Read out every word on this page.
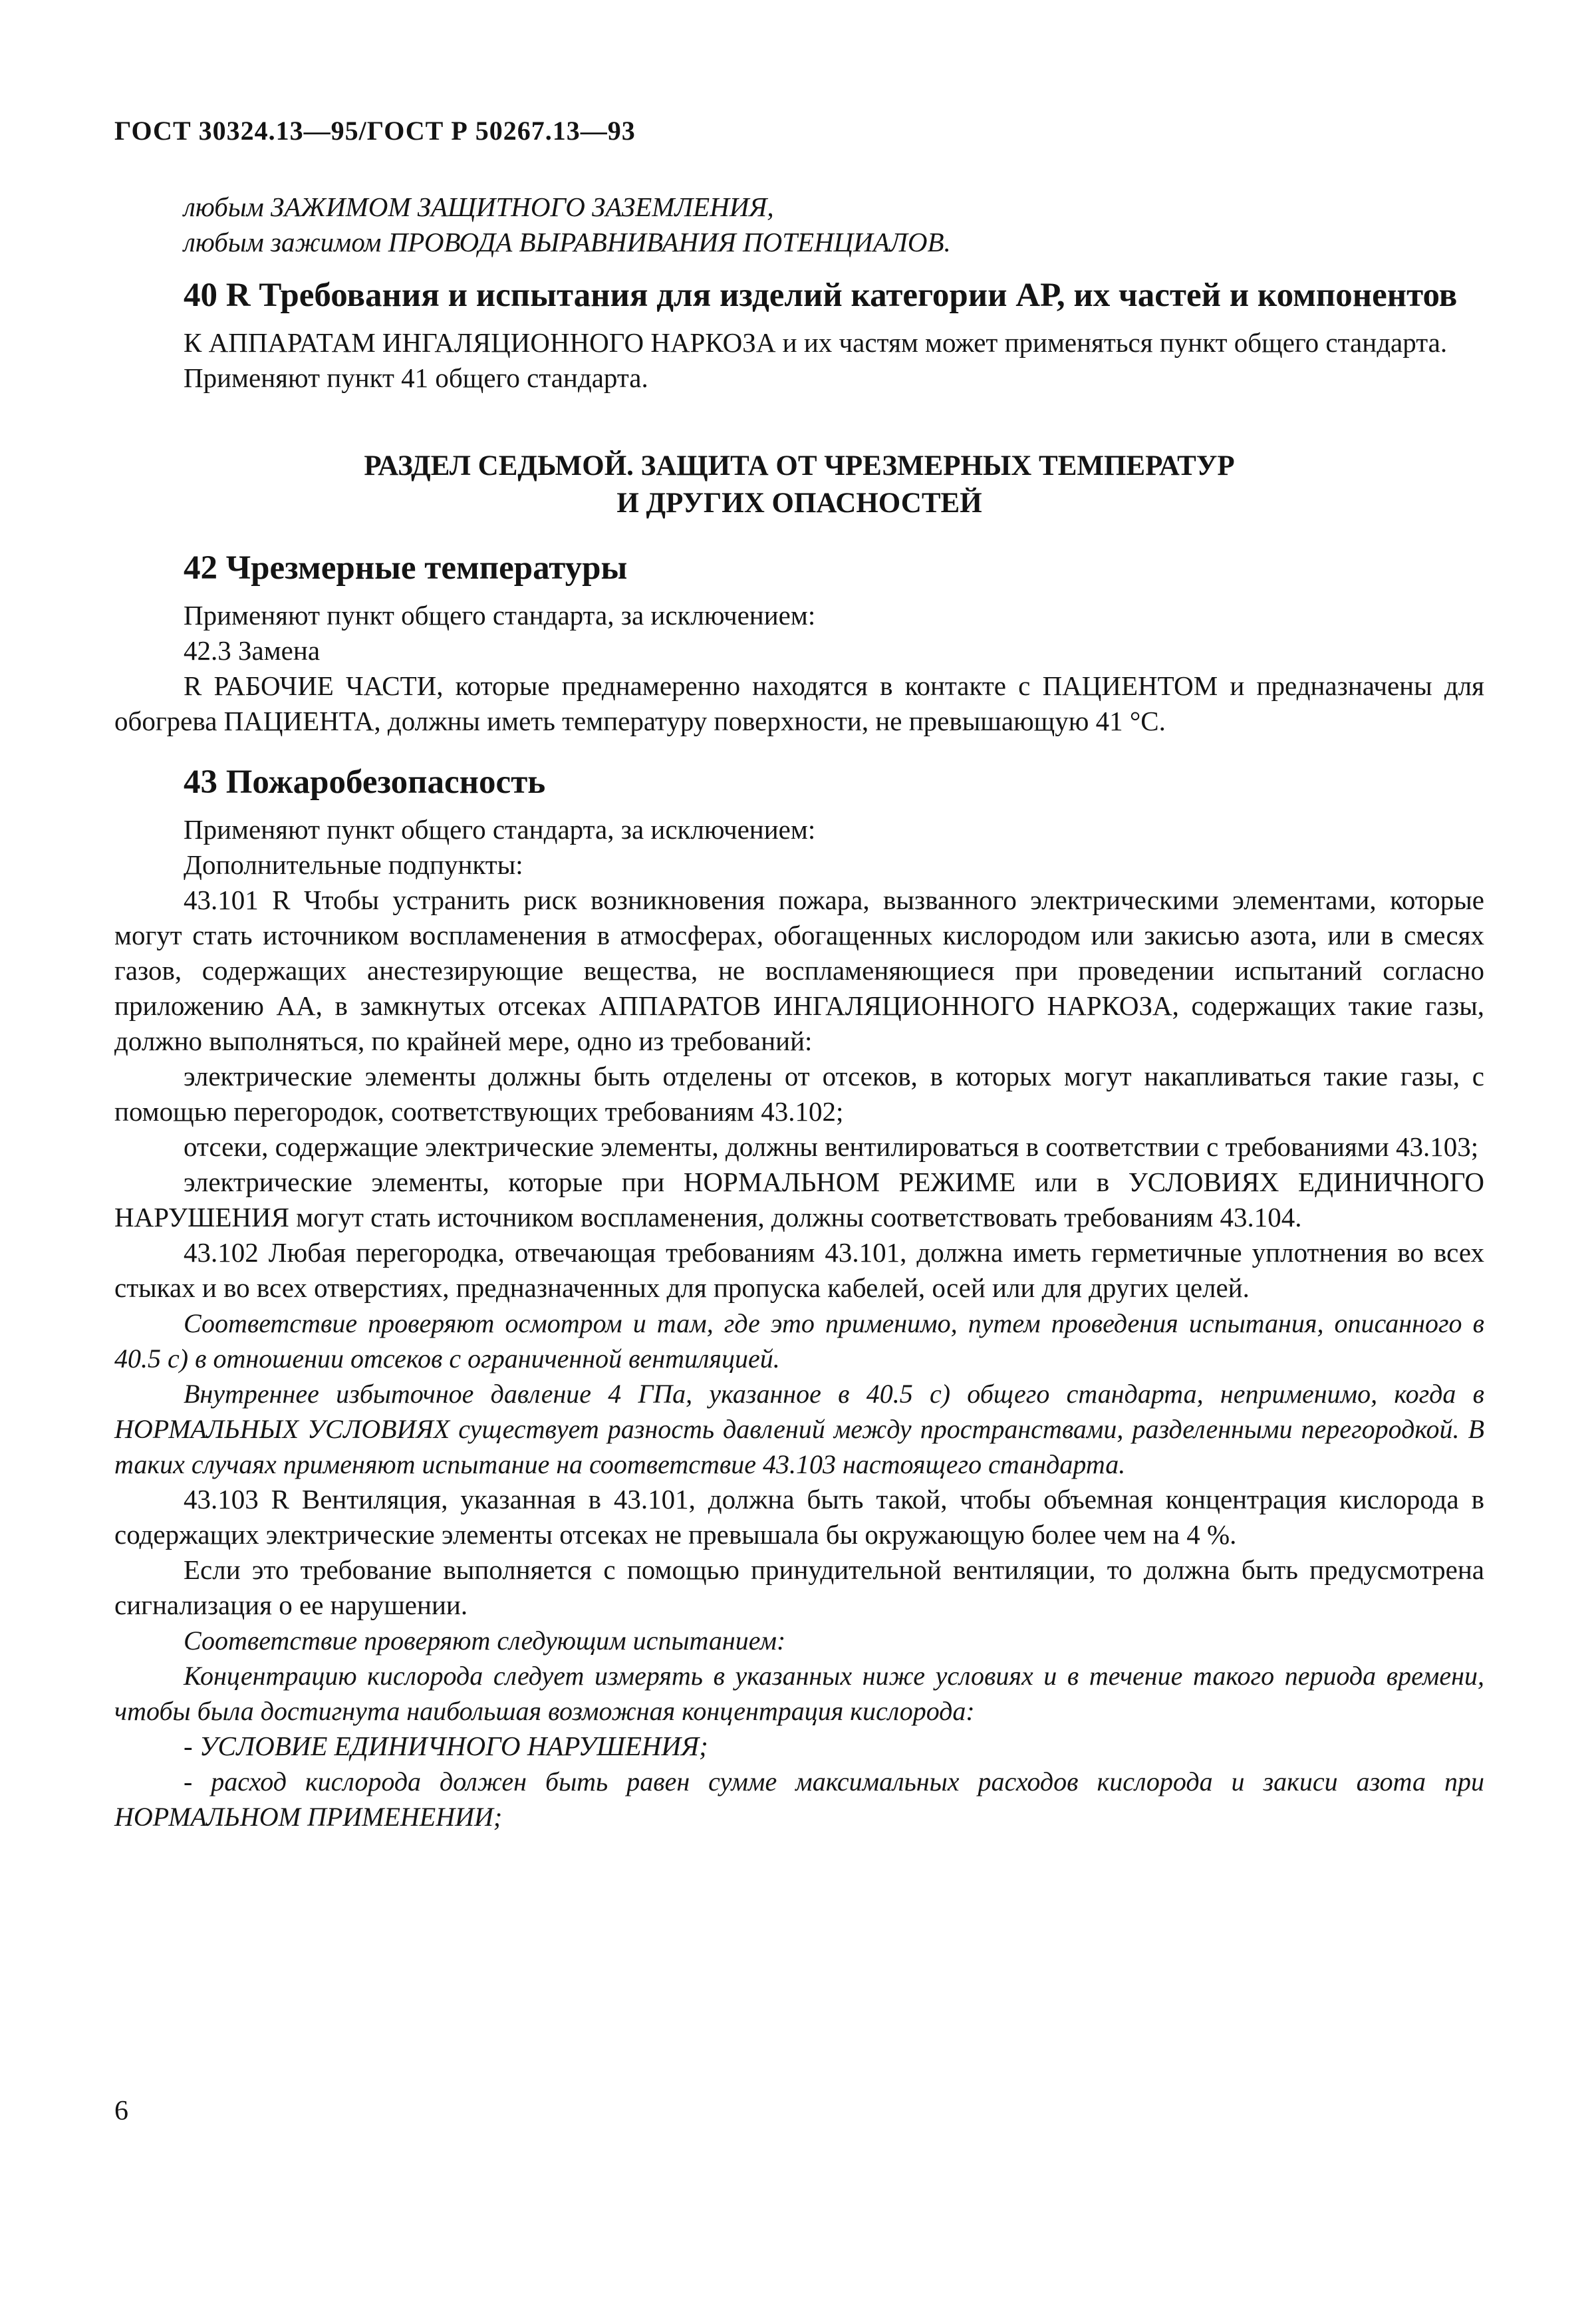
ГОСТ 30324.13—95/ГОСТ Р 50267.13—93

любым ЗАЖИМОМ ЗАЩИТНОГО ЗАЗЕМЛЕНИЯ,

любым зажимом ПРОВОДА ВЫРАВНИВАНИЯ ПОТЕНЦИАЛОВ.

40 R Требования и испытания для изделий категории АР, их частей и компонентов

К АППАРАТАМ ИНГАЛЯЦИОННОГО НАРКОЗА и их частям может применяться пункт общего стандарта.

Применяют пункт 41 общего стандарта.

РАЗДЕЛ СЕДЬМОЙ. ЗАЩИТА ОТ ЧРЕЗМЕРНЫХ ТЕМПЕРАТУР

И ДРУГИХ ОПАСНОСТЕЙ

42 Чрезмерные температуры

Применяют пункт общего стандарта, за исключением:

42.3 Замена

R РАБОЧИЕ ЧАСТИ, которые преднамеренно находятся в контакте с ПАЦИЕНТОМ и предназначены для обогрева ПАЦИЕНТА, должны иметь температуру поверхности, не превышающую 41 °С.

43 Пожаробезопасность

Применяют пункт общего стандарта, за исключением:

Дополнительные подпункты:

43.101 R Чтобы устранить риск возникновения пожара, вызванного электрическими элементами, которые могут стать источником воспламенения в атмосферах, обогащенных кислородом или закисью азота, или в смесях газов, содержащих анестезирующие вещества, не воспламеняющиеся при проведении испытаний согласно приложению АА, в замкнутых отсеках АППАРАТОВ ИНГАЛЯЦИОННОГО НАРКОЗА, содержащих такие газы, должно выполняться, по крайней мере, одно из требований:

электрические элементы должны быть отделены от отсеков, в которых могут накапливаться такие газы, с помощью перегородок, соответствующих требованиям 43.102;

отсеки, содержащие электрические элементы, должны вентилироваться в соответствии с требованиями 43.103;

электрические элементы, которые при НОРМАЛЬНОМ РЕЖИМЕ или в УСЛОВИЯХ ЕДИНИЧНОГО НАРУШЕНИЯ могут стать источником воспламенения, должны соответствовать требованиям 43.104.

43.102 Любая перегородка, отвечающая требованиям 43.101, должна иметь герметичные уплотнения во всех стыках и во всех отверстиях, предназначенных для пропуска кабелей, осей или для других целей.

Соответствие проверяют осмотром и там, где это применимо, путем проведения испытания, описанного в 40.5 с) в отношении отсеков с ограниченной вентиляцией.

Внутреннее избыточное давление 4 ГПа, указанное в 40.5 с) общего стандарта, неприменимо, когда в НОРМАЛЬНЫХ УСЛОВИЯХ существует разность давлений между пространствами, разделенными перегородкой. В таких случаях применяют испытание на соответствие 43.103 настоящего стандарта.

43.103 R Вентиляция, указанная в 43.101, должна быть такой, чтобы объемная концентрация кислорода в содержащих электрические элементы отсеках не превышала бы окружающую более чем на 4 %.

Если это требование выполняется с помощью принудительной вентиляции, то должна быть предусмотрена сигнализация о ее нарушении.

Соответствие проверяют следующим испытанием:

Концентрацию кислорода следует измерять в указанных ниже условиях и в течение такого периода времени, чтобы была достигнута наибольшая возможная концентрация кислорода:

- УСЛОВИЕ ЕДИНИЧНОГО НАРУШЕНИЯ;

- расход кислорода должен быть равен сумме максимальных расходов кислорода и закиси азота при НОРМАЛЬНОМ ПРИМЕНЕНИИ;

6
